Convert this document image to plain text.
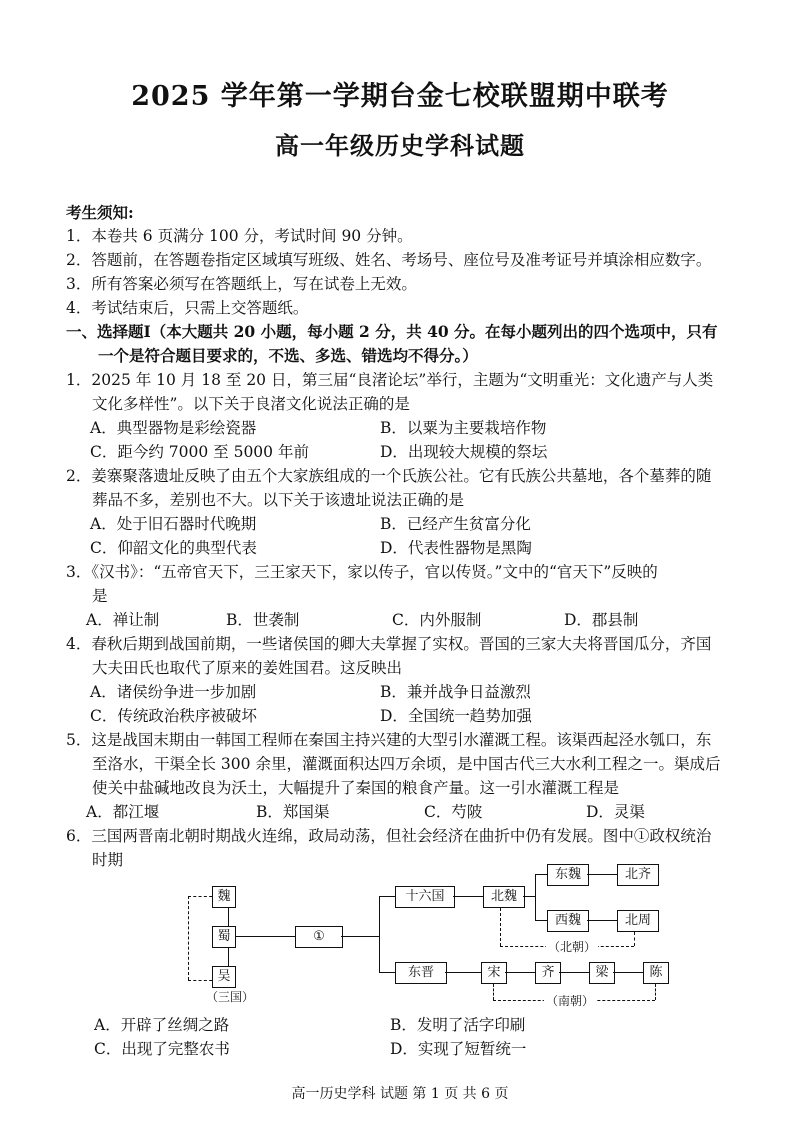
2025 学年第一学期台金七校联盟期中联考
高一年级历史学科试题
考生须知:
1．本卷共 6 页满分 100 分，考试时间 90 分钟。
2．答题前，在答题卷指定区域填写班级、姓名、考场号、座位号及准考证号并填涂相应数字。
3．所有答案必须写在答题纸上，写在试卷上无效。
4．考试结束后，只需上交答题纸。
一、选择题Ⅰ（本大题共 20 小题，每小题 2 分，共 40 分。在每小题列出的四个选项中，只有
一个是符合题目要求的，不选、多选、错选均不得分。）
1．2025 年 10 月 18 至 20 日，第三届“良渚论坛”举行，主题为“文明重光：文化遗产与人类
文化多样性”。以下关于良渚文化说法正确的是
A．典型器物是彩绘瓷器	B．以粟为主要栽培作物
C．距今约 7000 至 5000 年前	D．出现较大规模的祭坛
2．姜寨聚落遗址反映了由五个大家族组成的一个氏族公社。它有氏族公共墓地，各个墓葬的随
葬品不多，差别也不大。以下关于该遗址说法正确的是
A．处于旧石器时代晚期	B．已经产生贫富分化
C．仰韶文化的典型代表	D．代表性器物是黑陶
3．《汉书》：“五帝官天下，三王家天下，家以传子，官以传贤。”文中的“官天下”反映的
是
A．禅让制	B．世袭制	C．内外服制	D．郡县制
4．春秋后期到战国前期，一些诸侯国的卿大夫掌握了实权。晋国的三家大夫将晋国瓜分，齐国
大夫田氏也取代了原来的姜姓国君。这反映出
A．诸侯纷争进一步加剧	B．兼并战争日益激烈
C．传统政治秩序被破坏	D．全国统一趋势加强
5．这是战国末期由一韩国工程师在秦国主持兴建的大型引水灌溉工程。该渠西起泾水瓠口，东
至洛水，干渠全长 300 余里，灌溉面积达四万余顷，是中国古代三大水利工程之一。渠成后
使关中盐碱地改良为沃土，大幅提升了秦国的粮食产量。这一引水灌溉工程是
A．都江堰	B．郑国渠	C．芍陂	D．灵渠
6．三国两晋南北朝时期战火连绵，政局动荡，但社会经济在曲折中仍有发展。图中①政权统治
时期
魏
蜀
吴
（三国）
①
十六国	北魏
东魏	北齐
西魏	北周
（北朝）
东晋	宋	齐	梁	陈
（南朝）
A．开辟了丝绸之路	B．发明了活字印刷
C．出现了完整农书	D．实现了短暂统一
高一历史学科 试题 第 1 页 共 6 页
